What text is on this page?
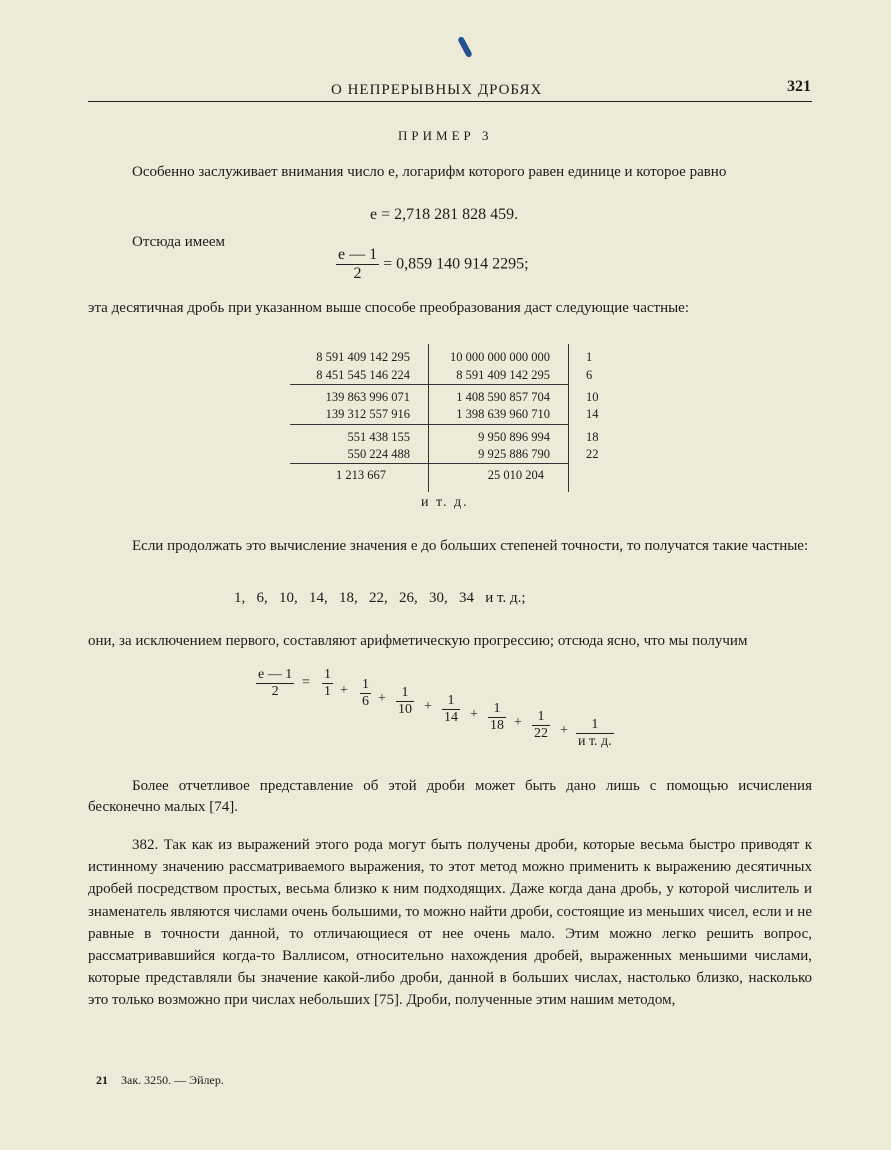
О НЕПРЕРЫВНЫХ ДРОБЯХ	321
ПРИМЕР 3
Особенно заслуживает внимания число e, логарифм которого равен единице и которое равно
e = 2,718 281 828 459.
Отсюда имеем
$\frac{e — 1}{2} = 0,859$ 140 914 2295;
эта десятичная дробь при указанном выше способе преобразования даст следующие частные:
8 591 409 142 295	10 000 000 000 000	1
8 451 545 146 224	8 591 409 142 295	6
139 863 996 071	1 408 590 857 704	10
139 312 557 916	1 398 639 960 710	14
551 438 155	9 950 896 994	18
550 224 488	9 925 886 790	22
1 213 667	25 010 204
и т. д.
Если продолжать это вычисление значения e до больших степеней точности, то получатся такие частные:
1,   6,   10,   14,   18,   22,   26,   30,   34   и т. д.;
они, за исключением первого, составляют арифметическую прогрессию; отсюда ясно, что мы получим
$\frac{e — 1}{2} = \frac{1}{1} + \frac{1}{6} + \frac{1}{10} + \frac{1}{14} + \frac{1}{18} + \frac{1}{22}$ +	1
и т. д.
Более отчетливое представление об этой дроби может быть дано лишь с помощью исчисления бесконечно малых [74].
382. Так как из выражений этого рода могут быть получены дроби, которые весьма быстро приводят к истинному значению рассматриваемого выражения, то этот метод можно применить к выражению десятичных дробей посредством простых, весьма близко к ним подходящих. Даже когда дана дробь, у которой числитель и знаменатель являются числами очень большими, то можно найти дроби, состоящие из меньших чисел, если и не равные в точности данной, то отличающиеся от нее очень мало. Этим можно легко решить вопрос, рассматривавшийся когда-то Валлисом, относительно нахождения дробей, выраженных меньшими числами, которые представляли бы значение какой-либо дроби, данной в больших числах, настолько близко, насколько это только возможно при числах небольших [75]. Дроби, полученные этим нашим методом,
21 Зак. 3250. — Эйлер.
